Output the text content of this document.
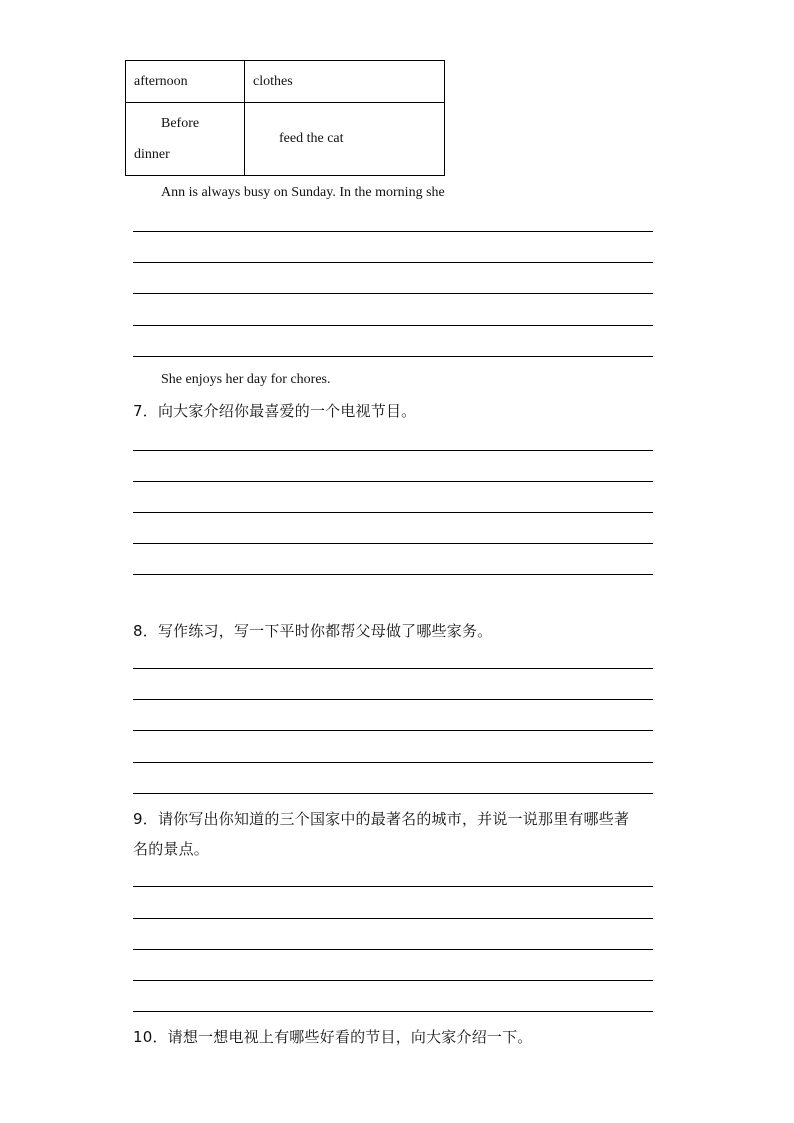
afternoon	clothes

Before
dinner	feed the cat
Ann is always busy on Sunday. In the morning she
She enjoys her day for chores.
7．向大家介绍你最喜爱的一个电视节目。
8．写作练习，写一下平时你都帮父母做了哪些家务。
9．请你写出你知道的三个国家中的最著名的城市，并说一说那里有哪些著
名的景点。
10．请想一想电视上有哪些好看的节目，向大家介绍一下。
